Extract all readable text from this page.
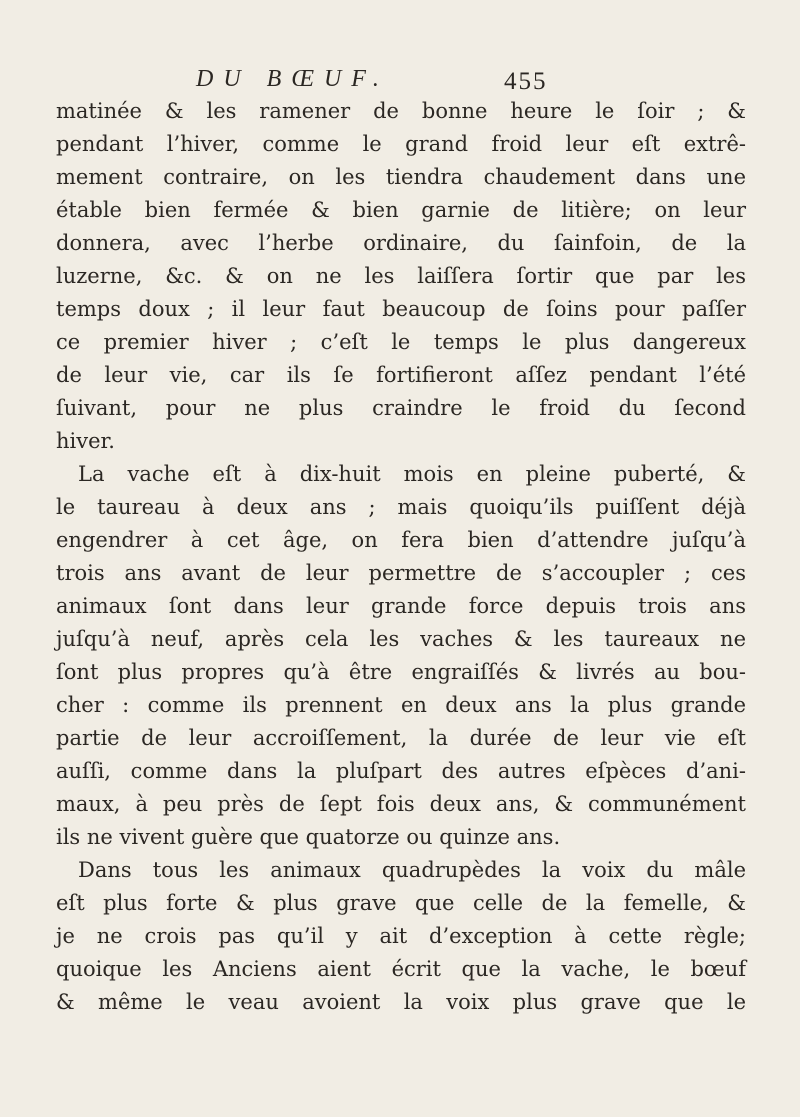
DU BŒUF.	455
matinée & les ramener de bonne heure le ſoir ; &
pendant l’hiver, comme le grand froid leur eſt extrê-
mement contraire, on les tiendra chaudement dans une
étable bien fermée & bien garnie de litière; on leur
donnera, avec l’herbe ordinaire, du ſainfoin, de la
luzerne, &c. & on ne les laiſſera ſortir que par les
temps doux ; il leur faut beaucoup de ſoins pour paſſer
ce premier hiver ; c’eſt le temps le plus dangereux
de leur vie, car ils ſe fortifieront aſſez pendant l’été
ſuivant, pour ne plus craindre le froid du ſecond
hiver.
La vache eſt à dix-huit mois en pleine puberté, &
le taureau à deux ans ; mais quoiqu’ils puiſſent déjà
engendrer à cet âge, on fera bien d’attendre juſqu’à
trois ans avant de leur permettre de s’accoupler ; ces
animaux ſont dans leur grande force depuis trois ans
juſqu’à neuf, après cela les vaches & les taureaux ne
ſont plus propres qu’à être engraiſſés & livrés au bou-
cher : comme ils prennent en deux ans la plus grande
partie de leur accroiſſement, la durée de leur vie eſt
auſſi, comme dans la pluſpart des autres eſpèces d’ani-
maux, à peu près de ſept fois deux ans, & communément
ils ne vivent guère que quatorze ou quinze ans.
Dans tous les animaux quadrupèdes la voix du mâle
eſt plus forte & plus grave que celle de la femelle, &
je ne crois pas qu’il y ait d’exception à cette règle;
quoique les Anciens aient écrit que la vache, le bœuf
& même le veau avoient la voix plus grave que le
